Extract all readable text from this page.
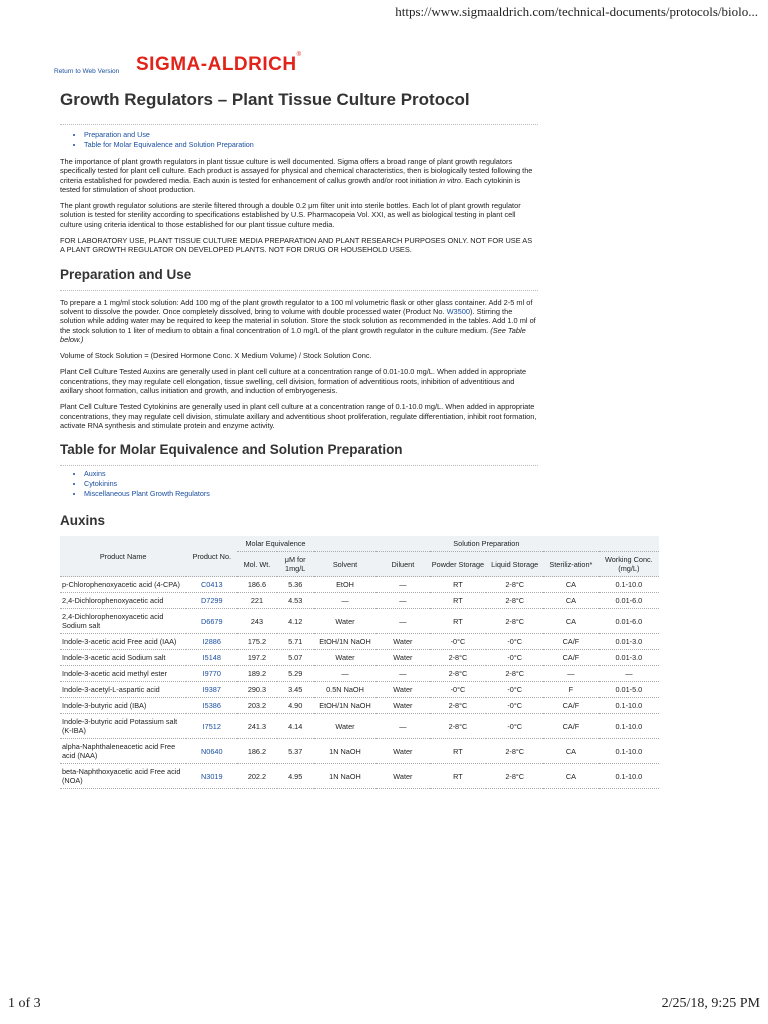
https://www.sigmaaldrich.com/technical-documents/protocols/biolo...
Return to Web Version SIGMA-ALDRICH®
Growth Regulators – Plant Tissue Culture Protocol
• Preparation and Use
• Table for Molar Equivalence and Solution Preparation

The importance of plant growth regulators in plant tissue culture is well documented. Sigma offers a broad range of plant growth regulators specifically tested for plant cell culture. Each product is assayed for physical and chemical characteristics, then is biologically tested following the criteria established for powdered media. Each auxin is tested for enhancement of callus growth and/or root initiation in vitro. Each cytokinin is tested for stimulation of shoot production.

The plant growth regulator solutions are sterile filtered through a double 0.2 μm filter unit into sterile bottles. Each lot of plant growth regulator solution is tested for sterility according to specifications established by U.S. Pharmacopeia Vol. XXI, as well as biological testing in plant cell culture using criteria identical to those established for our plant tissue culture media.

FOR LABORATORY USE, PLANT TISSUE CULTURE MEDIA PREPARATION AND PLANT RESEARCH PURPOSES ONLY. NOT FOR USE AS A PLANT GROWTH REGULATOR ON DEVELOPED PLANTS. NOT FOR DRUG OR HOUSEHOLD USES.

Preparation and Use

To prepare a 1 mg/ml stock solution: Add 100 mg of the plant growth regulator to a 100 ml volumetric flask or other glass container. Add 2-5 ml of solvent to dissolve the powder. Once completely dissolved, bring to volume with double processed water (Product No. W3500). Stirring the solution while adding water may be required to keep the material in solution. Store the stock solution as recommended in the tables. Add 1.0 ml of the stock solution to 1 liter of medium to obtain a final concentration of 1.0 mg/L of the plant growth regulator in the culture medium. (See Table below.)

Volume of Stock Solution = (Desired Hormone Conc. X Medium Volume) / Stock Solution Conc.

Plant Cell Culture Tested Auxins are generally used in plant cell culture at a concentration range of 0.01-10.0 mg/L. When added in appropriate concentrations, they may regulate cell elongation, tissue swelling, cell division, formation of adventitious roots, inhibition of adventitious and axillary shoot formation, callus initiation and growth, and induction of embryogenesis.

Plant Cell Culture Tested Cytokinins are generally used in plant cell culture at a concentration range of 0.1-10.0 mg/L. When added in appropriate concentrations, they may regulate cell division, stimulate axillary and adventitious shoot proliferation, regulate differentiation, inhibit root formation, activate RNA synthesis and stimulate protein and enzyme activity.

Table for Molar Equivalence and Solution Preparation
• Auxins
• Cytokinins
• Miscellaneous Plant Growth Regulators
Auxins
Product Name	Product No.	Molar Equivalence		Solution Preparation					
		Mol. Wt.	μM for 1mg/L	Solvent	Diluent	Powder Storage	Liquid Storage	Steriliz-ation*	Working Conc. (mg/L)
p-Chlorophenoxyacetic acid (4-CPA)	C0413	186.6	5.36	EtOH	—	RT	2-8°C	CA	0.1-10.0
2,4-Dichlorophenoxyacetic acid	D7299	221	4.53	—	—	RT	2-8°C	CA	0.01-6.0
2,4-Dichlorophenoxyacetic acid Sodium salt	D6679	243	4.12	Water	—	RT	2-8°C	CA	0.01-6.0
Indole-3-acetic acid Free acid (IAA)	I2886	175.2	5.71	EtOH/1N NaOH	Water	-0°C	-0°C	CA/F	0.01-3.0
Indole-3-acetic acid Sodium salt	I5148	197.2	5.07	Water	Water	2-8°C	-0°C	CA/F	0.01-3.0
Indole-3-acetic acid methyl ester	I9770	189.2	5.29	—	—	2-8°C	2-8°C	—	—
Indole-3-acetyl-L-aspartic acid	I9387	290.3	3.45	0.5N NaOH	Water	-0°C	-0°C	F	0.01-5.0
Indole-3-butyric acid (IBA)	I5386	203.2	4.90	EtOH/1N NaOH	Water	2-8°C	-0°C	CA/F	0.1-10.0
Indole-3-butyric acid Potassium salt (K-IBA)	I7512	241.3	4.14	Water	—	2-8°C	-0°C	CA/F	0.1-10.0
alpha-Naphthaleneacetic acid Free acid (NAA)	N0640	186.2	5.37	1N NaOH	Water	RT	2-8°C	CA	0.1-10.0
beta-Naphthoxyacetic acid Free acid (NOA)	N3019	202.2	4.95	1N NaOH	Water	RT	2-8°C	CA	0.1-10.0
1 of 3	2/25/18, 9:25 PM
